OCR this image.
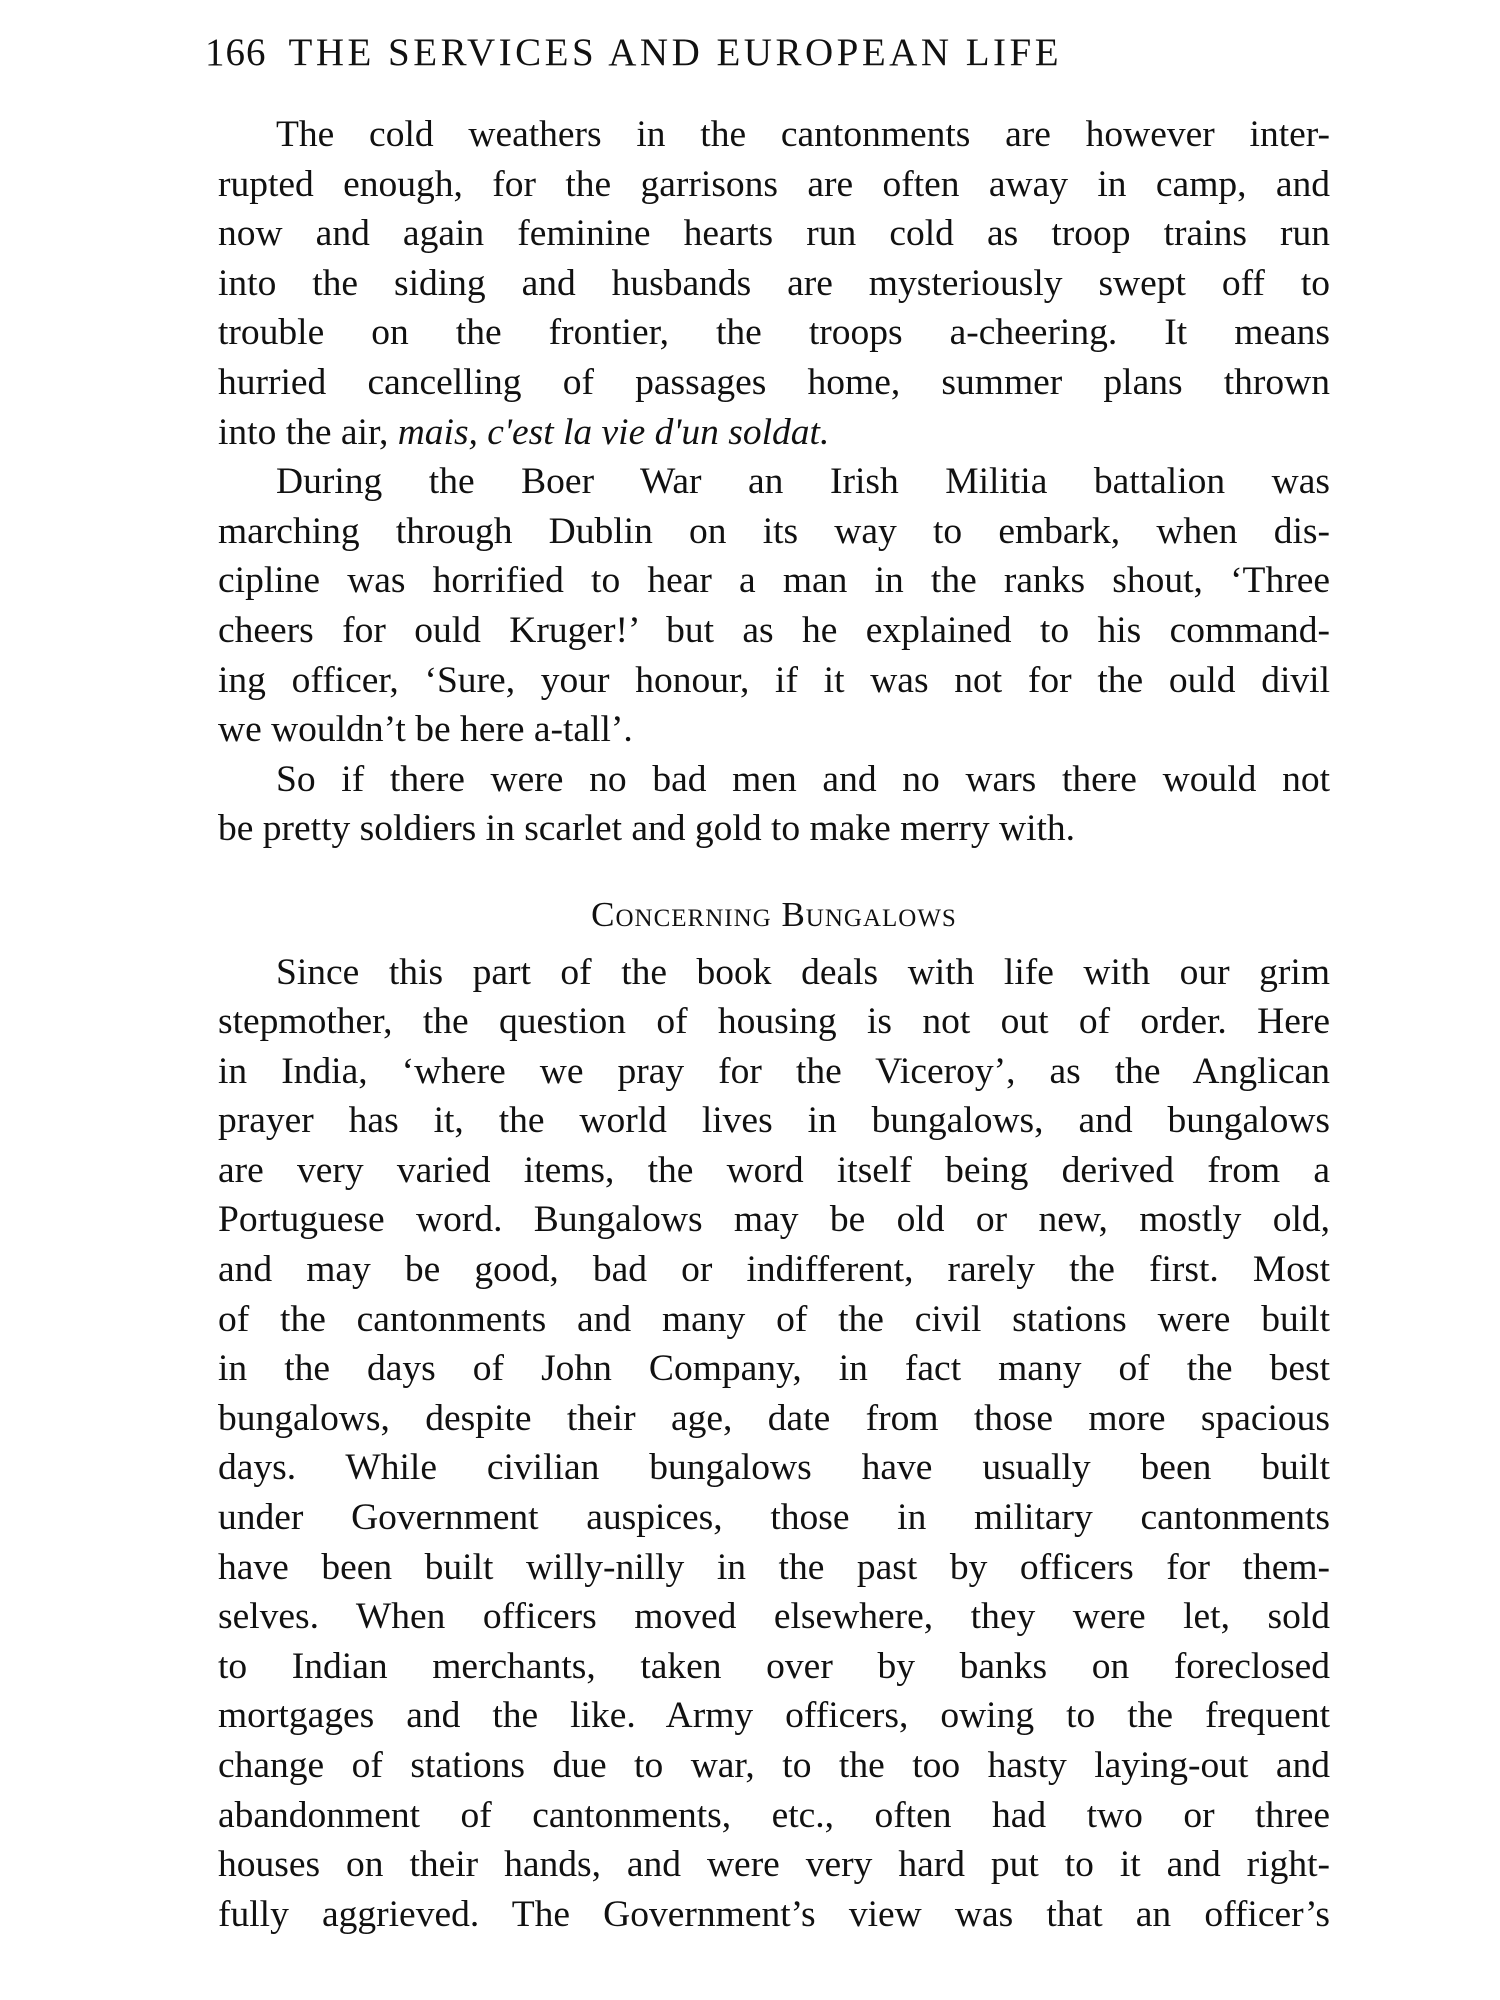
166 THE SERVICES AND EUROPEAN LIFE
The cold weathers in the cantonments are however inter-
rupted enough, for the garrisons are often away in camp, and
now and again feminine hearts run cold as troop trains run
into the siding and husbands are mysteriously swept off to
trouble on the frontier, the troops a-cheering. It means
hurried cancelling of passages home, summer plans thrown
into the air, mais, c'est la vie d'un soldat.
During the Boer War an Irish Militia battalion was
marching through Dublin on its way to embark, when dis-
cipline was horrified to hear a man in the ranks shout, ‘Three
cheers for ould Kruger!’ but as he explained to his command-
ing officer, ‘Sure, your honour, if it was not for the ould divil
we wouldn’t be here a-tall’.
So if there were no bad men and no wars there would not
be pretty soldiers in scarlet and gold to make merry with.
Concerning Bungalows
Since this part of the book deals with life with our grim
stepmother, the question of housing is not out of order. Here
in India, ‘where we pray for the Viceroy’, as the Anglican
prayer has it, the world lives in bungalows, and bungalows
are very varied items, the word itself being derived from a
Portuguese word. Bungalows may be old or new, mostly old,
and may be good, bad or indifferent, rarely the first. Most
of the cantonments and many of the civil stations were built
in the days of John Company, in fact many of the best
bungalows, despite their age, date from those more spacious
days. While civilian bungalows have usually been built
under Government auspices, those in military cantonments
have been built willy-nilly in the past by officers for them-
selves. When officers moved elsewhere, they were let, sold
to Indian merchants, taken over by banks on foreclosed
mortgages and the like. Army officers, owing to the frequent
change of stations due to war, to the too hasty laying-out and
abandonment of cantonments, etc., often had two or three
houses on their hands, and were very hard put to it and right-
fully aggrieved. The Government’s view was that an officer’s
